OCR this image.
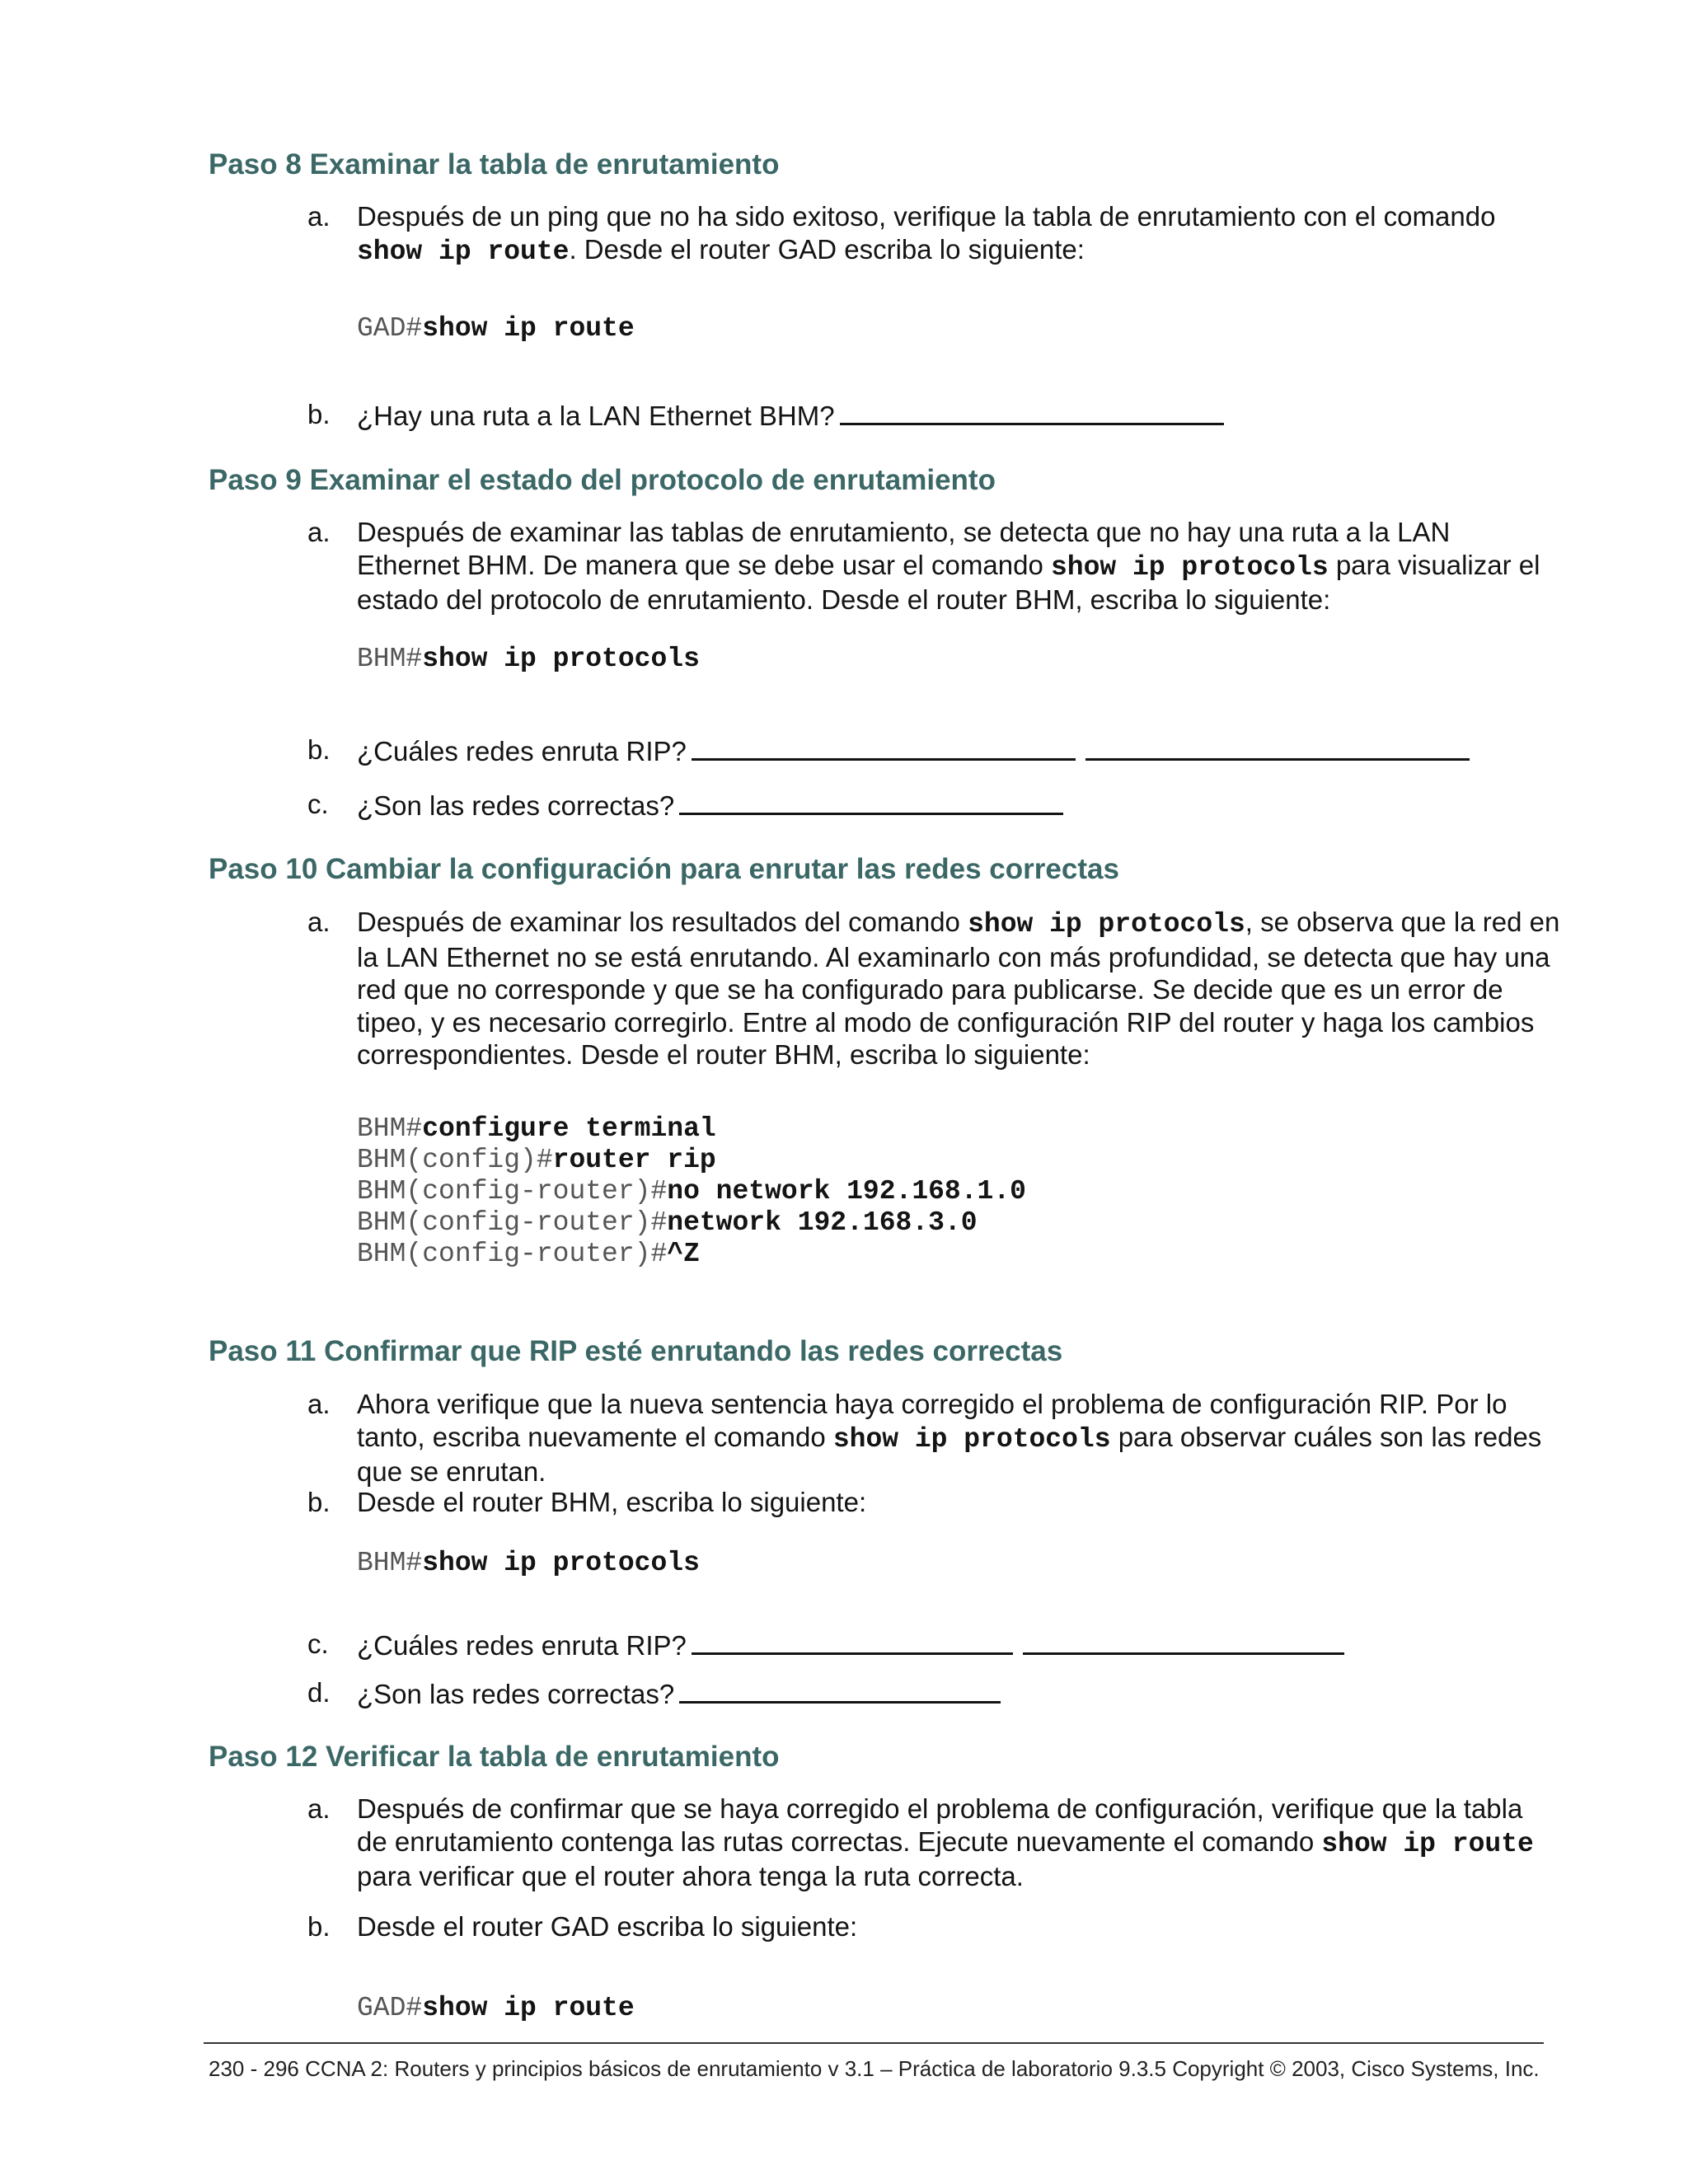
Paso 8 Examinar la tabla de enrutamiento
a. Después de un ping que no ha sido exitoso, verifique la tabla de enrutamiento con el comando show ip route. Desde el router GAD escriba lo siguiente:
GAD#show ip route
b. ¿Hay una ruta a la LAN Ethernet BHM?
Paso 9 Examinar el estado del protocolo de enrutamiento
a. Después de examinar las tablas de enrutamiento, se detecta que no hay una ruta a la LAN Ethernet BHM. De manera que se debe usar el comando show ip protocols para visualizar el estado del protocolo de enrutamiento. Desde el router BHM, escriba lo siguiente:
BHM#show ip protocols
b. ¿Cuáles redes enruta RIP?
c. ¿Son las redes correctas?
Paso 10 Cambiar la configuración para enrutar las redes correctas
a. Después de examinar los resultados del comando show ip protocols, se observa que la red en la LAN Ethernet no se está enrutando. Al examinarlo con más profundidad, se detecta que hay una red que no corresponde y que se ha configurado para publicarse. Se decide que es un error de tipeo, y es necesario corregirlo. Entre al modo de configuración RIP del router y haga los cambios correspondientes. Desde el router BHM, escriba lo siguiente:
BHM#configure terminal
BHM(config)#router rip
BHM(config-router)#no network 192.168.1.0
BHM(config-router)#network 192.168.3.0
BHM(config-router)#^Z
Paso 11 Confirmar que RIP esté enrutando las redes correctas
a. Ahora verifique que la nueva sentencia haya corregido el problema de configuración RIP. Por lo tanto, escriba nuevamente el comando show ip protocols para observar cuáles son las redes que se enrutan.
b. Desde el router BHM, escriba lo siguiente:
BHM#show ip protocols
c. ¿Cuáles redes enruta RIP?
d. ¿Son las redes correctas?
Paso 12 Verificar la tabla de enrutamiento
a. Después de confirmar que se haya corregido el problema de configuración, verifique que la tabla de enrutamiento contenga las rutas correctas. Ejecute nuevamente el comando show ip route para verificar que el router ahora tenga la ruta correcta.
b. Desde el router GAD escriba lo siguiente:
GAD#show ip route
230 - 296 CCNA 2: Routers y principios básicos de enrutamiento v 3.1 – Práctica de laboratorio 9.3.5 Copyright © 2003, Cisco Systems, Inc.
